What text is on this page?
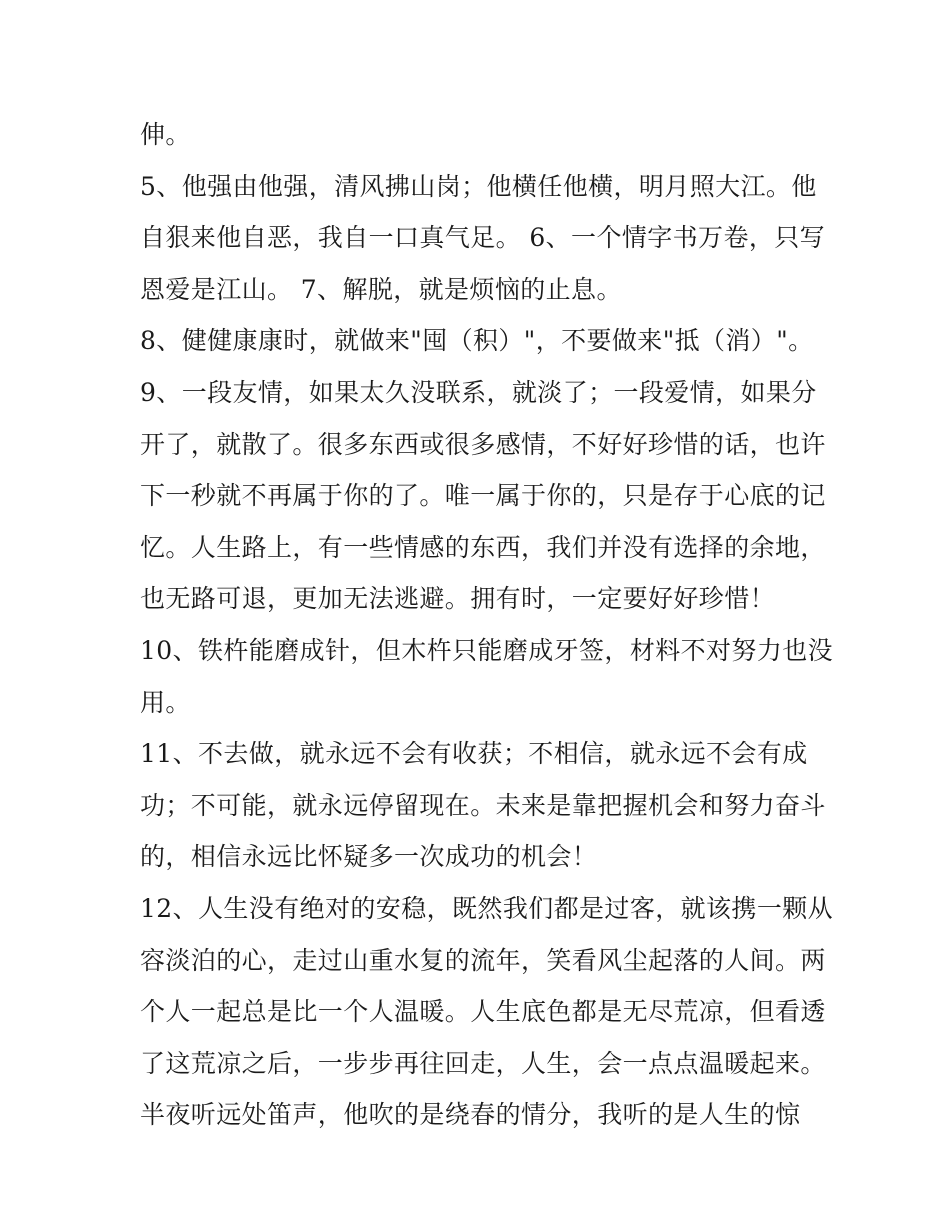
伸。
5、他强由他强，清风拂山岗；他横任他横，明月照大江。他
自狠来他自恶，我自一口真气足。 6、一个情字书万卷，只写
恩爱是江山。 7、解脱，就是烦恼的止息。
8、健健康康时，就做来"囤（积）"，不要做来"抵（消）"。
9、一段友情，如果太久没联系，就淡了；一段爱情，如果分
开了，就散了。很多东西或很多感情，不好好珍惜的话，也许
下一秒就不再属于你的了。唯一属于你的，只是存于心底的记
忆。人生路上，有一些情感的东西，我们并没有选择的余地，
也无路可退，更加无法逃避。拥有时，一定要好好珍惜！
10、铁杵能磨成针，但木杵只能磨成牙签，材料不对努力也没
用。
11、不去做，就永远不会有收获；不相信，就永远不会有成
功；不可能，就永远停留现在。未来是靠把握机会和努力奋斗
的，相信永远比怀疑多一次成功的机会！
12、人生没有绝对的安稳，既然我们都是过客，就该携一颗从
容淡泊的心，走过山重水复的流年，笑看风尘起落的人间。两
个人一起总是比一个人温暖。人生底色都是无尽荒凉，但看透
了这荒凉之后，一步步再往回走，人生，会一点点温暖起来。
半夜听远处笛声，他吹的是绕春的情分，我听的是人生的惊
